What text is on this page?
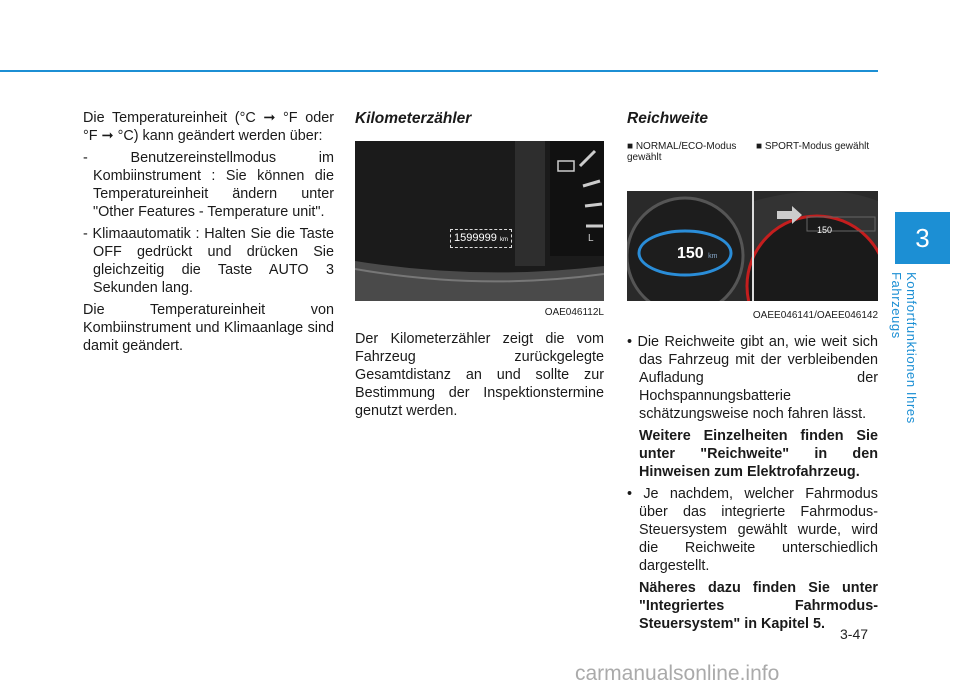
3
Komfortfunktionen Ihres Fahrzeugs

Die Temperatureinheit (°C ➞ °F oder °F ➞ °C) kann geändert werden über:

- Benutzereinstellmodus im Kombiinstrument : Sie können die Temperatureinheit ändern unter "Other Features - Temperature unit".

- Klimaautomatik : Halten Sie die Taste OFF gedrückt und drücken Sie gleichzeitig die Taste AUTO 3 Sekunden lang.

Die Temperatureinheit von Kombiinstrument und Klimaanlage sind damit geändert.

Kilometerzähler
L
1599999 km
OAE046112L

Der Kilometerzähler zeigt die vom Fahrzeug zurückgelegte Gesamtdistanz an und sollte zur Bestimmung der Inspektionstermine genutzt werden.

Reichweite
■ NORMAL/ECO-Modus gewählt
■ SPORT-Modus gewählt
150 km
150
OAEE046141/OAEE046142

• Die Reichweite gibt an, wie weit sich das Fahrzeug mit der verbleibenden Aufladung der Hochspannungsbatterie schätzungsweise noch fahren lässt.

Weitere Einzelheiten finden Sie unter "Reichweite" in den Hinweisen zum Elektrofahrzeug.

• Je nachdem, welcher Fahrmodus über das integrierte Fahrmodus-Steuersystem gewählt wurde, wird die Reichweite unterschiedlich dargestellt.

Näheres dazu finden Sie unter "Integriertes Fahrmodus-Steuersystem" in Kapitel 5.

3-47
carmanualsonline.info
